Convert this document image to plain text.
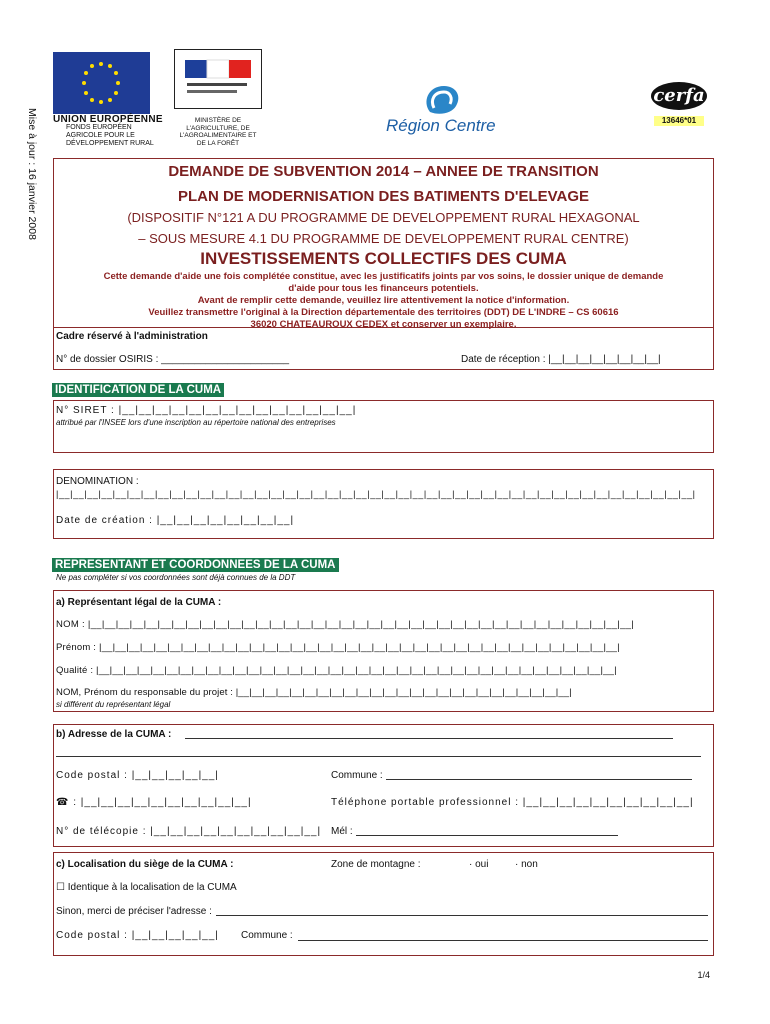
Mise à jour : 16 janvier 2008 UNION EUROPÉENNE
FONDS EUROPÉEN AGRICOLE POUR LE DÉVELOPPEMENT RURAL
MINISTÈRE DE L'AGRICULTURE, DE L'AGROALIMENTAIRE ET DE LA FORÊT
Région Centre
cerfa
13646*01
DEMANDE DE SUBVENTION 2014 – ANNEE DE TRANSITION
PLAN DE MODERNISATION DES BATIMENTS D'ELEVAGE
(DISPOSITIF N°121 A DU PROGRAMME DE DEVELOPPEMENT RURAL HEXAGONAL
– SOUS MESURE 4.1 DU PROGRAMME DE DEVELOPPEMENT RURAL CENTRE)
INVESTISSEMENTS COLLECTIFS DES CUMA
Cette demande d'aide une fois complétée constitue, avec les justificatifs joints par vos soins, le dossier unique de demande
d'aide pour tous les financeurs potentiels.
Avant de remplir cette demande, veuillez lire attentivement la notice d'information.
Veuillez transmettre l'original à la Direction départementale des territoires (DDT) DE L'INDRE – CS 60616
36020 CHATEAUROUX CEDEX et conserver un exemplaire.
Cadre réservé à l'administration
N° de dossier OSIRIS : _______________________	Date de réception : |__|__|__|__|__|__|__|__|
IDENTIFICATION DE LA CUMA
N° SIRET : |__|__|__|__|__|__|__|__|__|__|__|__|__|__|
attribué par l'INSEE lors d'une inscription au répertoire national des entreprises
DENOMINATION :
|__|__|__|__|__|__|__|__|__|__|__|__|__|__|__|__|__|__|__|__|__|__|__|__|__|__|__|__|__|__|__|__|__|__|__|__|__|__|__|__|__|__|__|__|__|
Date de création : |__|__|__|__|__|__|__|__|
REPRESENTANT ET COORDONNEES DE LA CUMA
Ne pas compléter si vos coordonnées sont déjà connues de la DDT
a) Représentant légal de la CUMA :
NOM : |__|__|__|__|__|__|__|__|__|__|__|__|__|__|__|__|__|__|__|__|__|__|__|__|__|__|__|__|__|__|__|__|__|__|__|__|__|__|__|
Prénom : |__|__|__|__|__|__|__|__|__|__|__|__|__|__|__|__|__|__|__|__|__|__|__|__|__|__|__|__|__|__|__|__|__|__|__|__|__|__|
Qualité : |__|__|__|__|__|__|__|__|__|__|__|__|__|__|__|__|__|__|__|__|__|__|__|__|__|__|__|__|__|__|__|__|__|__|__|__|__|__|
NOM, Prénom du responsable du projet : |__|__|__|__|__|__|__|__|__|__|__|__|__|__|__|__|__|__|__|__|__|__|__|__|__|
si différent du représentant légal
b) Adresse de la CUMA :
Code postal : |__|__|__|__|__|	Commune :
☎ : |__|__|__|__|__|__|__|__|__|__|	Téléphone portable professionnel : |__|__|__|__|__|__|__|__|__|__|
N° de télécopie : |__|__|__|__|__|__|__|__|__|__| Mél :
c) Localisation du siège de la CUMA :	Zone de montagne :	· oui	· non
☐ Identique à la localisation de la CUMA
Sinon, merci de préciser l'adresse :
Code postal : |__|__|__|__|__| Commune :
1/4
